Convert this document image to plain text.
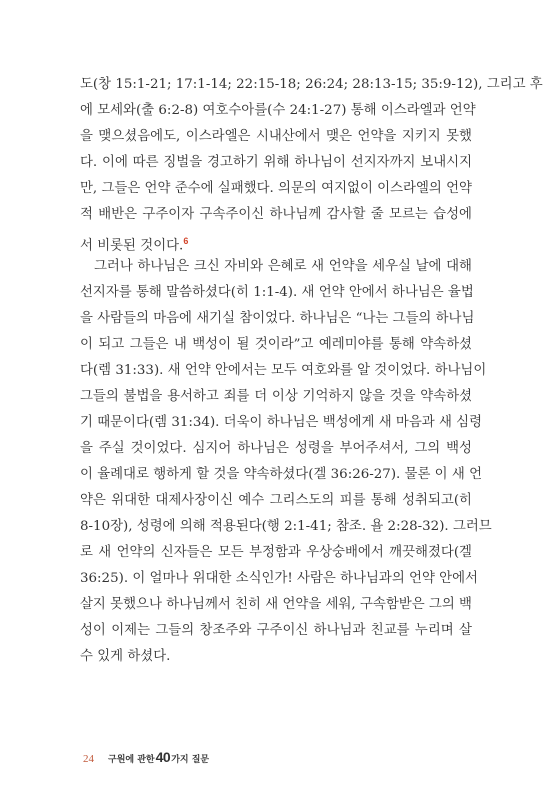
도(창 15:1-21; 17:1-14; 22:15-18; 26:24; 28:13-15; 35:9-12), 그리고 후
에 모세와(출 6:2-8) 여호수아를(수 24:1-27) 통해 이스라엘과 언약
을 맺으셨음에도, 이스라엘은 시내산에서 맺은 언약을 지키지 못했
다. 이에 따른 징벌을 경고하기 위해 하나님이 선지자까지 보내시지
만, 그들은 언약 준수에 실패했다. 의문의 여지없이 이스라엘의 언약
적 배반은 구주이자 구속주이신 하나님께 감사할 줄 모르는 습성에
서 비롯된 것이다.$^6$

그러나 하나님은 크신 자비와 은혜로 새 언약을 세우실 날에 대해
선지자를 통해 말씀하셨다(히 1:1-4). 새 언약 안에서 하나님은 율법
을 사람들의 마음에 새기실 참이었다. 하나님은 “나는 그들의 하나님
이 되고 그들은 내 백성이 될 것이라”고 예레미야를 통해 약속하셨
다(렘 31:33). 새 언약 안에서는 모두 여호와를 알 것이었다. 하나님이
그들의 불법을 용서하고 죄를 더 이상 기억하지 않을 것을 약속하셨
기 때문이다(렘 31:34). 더욱이 하나님은 백성에게 새 마음과 새 심령
을 주실 것이었다. 심지어 하나님은 성령을 부어주셔서, 그의 백성
이 율례대로 행하게 할 것을 약속하셨다(겔 36:26-27). 물론 이 새 언
약은 위대한 대제사장이신 예수 그리스도의 피를 통해 성취되고(히
8-10장), 성령에 의해 적용된다(행 2:1-41; 참조. 욜 2:28-32). 그러므
로 새 언약의 신자들은 모든 부정함과 우상숭배에서 깨끗해졌다(겔
36:25). 이 얼마나 위대한 소식인가! 사람은 하나님과의 언약 안에서
살지 못했으나 하나님께서 친히 새 언약을 세워, 구속함받은 그의 백
성이 이제는 그들의 창조주와 구주이신 하나님과 친교를 누리며 살
수 있게 하셨다.

24 구원에 관한 40 가지 질문
